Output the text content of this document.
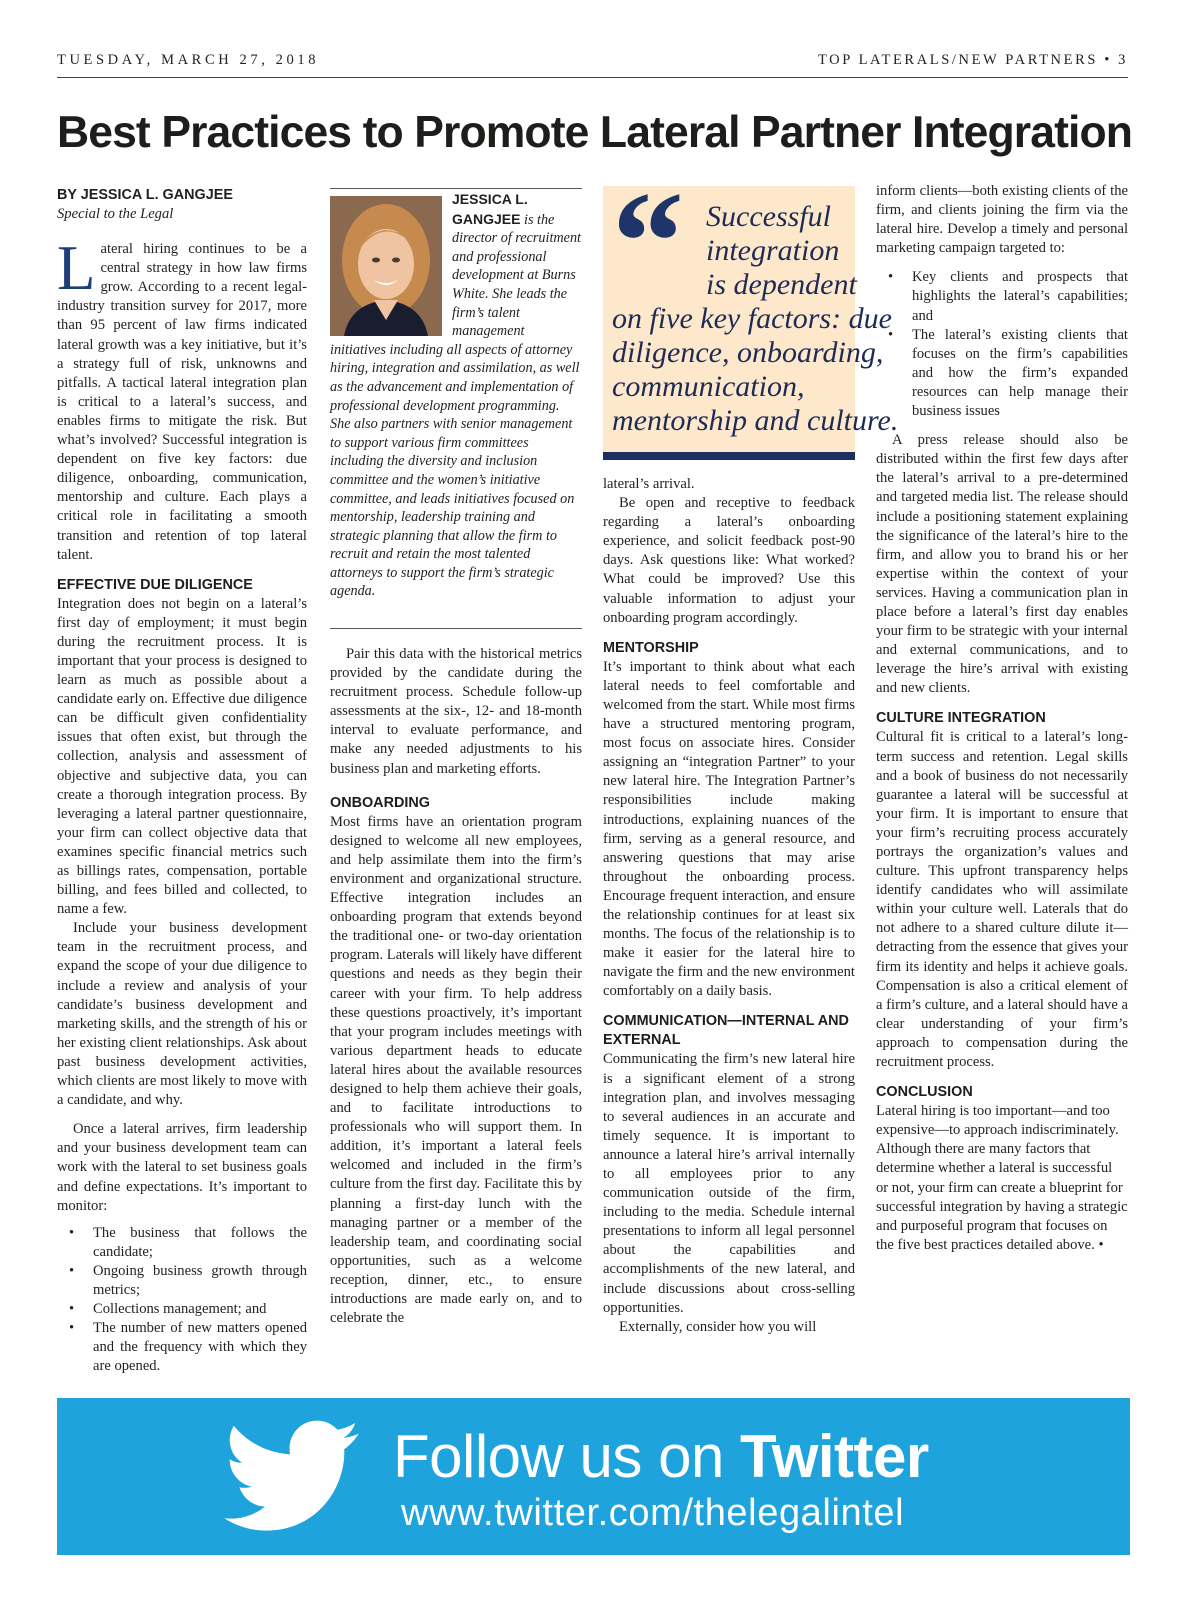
TUESDAY, MARCH 27, 2018	TOP LATERALS/NEW PARTNERS • 3
Best Practices to Promote Lateral Partner Integration

BY JESSICA L. GANGJEE

Special to the Legal

Lateral hiring continues to be a central strategy in how law firms grow. According to a recent legal-industry transition survey for 2017, more than 95 percent of law firms indicated lateral growth was a key initiative, but it’s a strategy full of risk, unknowns and pitfalls. A tactical lateral integration plan is critical to a lateral’s success, and enables firms to mitigate the risk. But what’s involved? Successful integration is dependent on five key factors: due diligence, onboarding, communication, mentorship and culture. Each plays a critical role in facilitating a smooth transition and retention of top lateral talent.

EFFECTIVE DUE DILIGENCE

Integration does not begin on a lateral’s first day of employment; it must begin during the recruitment process. It is important that your process is designed to learn as much as possible about a candidate early on. Effective due diligence can be difficult given confidentiality issues that often exist, but through the collection, analysis and assessment of objective and subjective data, you can create a thorough integration process. By leveraging a lateral partner questionnaire, your firm can collect objective data that examines specific financial metrics such as billings rates, compensation, portable billing, and fees billed and collected, to name a few.

Include your business development team in the recruitment process, and expand the scope of your due diligence to include a review and analysis of your candidate’s business development and marketing skills, and the strength of his or her existing client relationships. Ask about past business development activities, which clients are most likely to move with a candidate, and why.

Once a lateral arrives, firm leadership and your business development team can work with the lateral to set business goals and define expectations. It’s important to monitor:

• The business that follows the candidate;
• Ongoing business growth through metrics;
• Collections management; and
• The number of new matters opened and the frequency with which they are opened.
JESSICA L. GANGJEE is the director of recruitment and professional development at Burns White. She leads the firm’s talent management initiatives including all aspects of attorney hiring, integration and assimilation, as well as the advancement and implementation of professional development programming. She also partners with senior management to support various firm committees including the diversity and inclusion committee and the women’s initiative committee, and leads initiatives focused on mentorship, leadership training and strategic planning that allow the firm to recruit and retain the most talented attorneys to support the firm’s strategic agenda.

Pair this data with the historical metrics provided by the candidate during the recruitment process. Schedule follow-up assessments at the six-, 12- and 18-month interval to evaluate performance, and make any needed adjustments to his business plan and marketing efforts.

ONBOARDING

Most firms have an orientation program designed to welcome all new employees, and help assimilate them into the firm’s environment and organizational structure. Effective integration includes an onboarding program that extends beyond the traditional one- or two-day orientation program. Laterals will likely have different questions and needs as they begin their career with your firm. To help address these questions proactively, it’s important that your program includes meetings with various department heads to educate lateral hires about the available resources designed to help them achieve their goals, and to facilitate introductions to professionals who will support them. In addition, it’s important a lateral feels welcomed and included in the firm’s culture from the first day. Facilitate this by planning a first-day lunch with the managing partner or a member of the leadership team, and coordinating social opportunities, such as a welcome reception, dinner, etc., to ensure introductions are made early on, and to celebrate the

“ Successful
integration
is dependent
on five key factors: due
diligence, onboarding,
communication,
mentorship and culture.

lateral’s arrival.

Be open and receptive to feedback regarding a lateral’s onboarding experience, and solicit feedback post-90 days. Ask questions like: What worked? What could be improved? Use this valuable information to adjust your onboarding program accordingly.

MENTORSHIP

It’s important to think about what each lateral needs to feel comfortable and welcomed from the start. While most firms have a structured mentoring program, most focus on associate hires. Consider assigning an “integration Partner” to your new lateral hire. The Integration Partner’s responsibilities include making introductions, explaining nuances of the firm, serving as a general resource, and answering questions that may arise throughout the onboarding process. Encourage frequent interaction, and ensure the relationship continues for at least six months. The focus of the relationship is to make it easier for the lateral hire to navigate the firm and the new environment comfortably on a daily basis.

COMMUNICATION—INTERNAL AND EXTERNAL

Communicating the firm’s new lateral hire is a significant element of a strong integration plan, and involves messaging to several audiences in an accurate and timely sequence. It is important to announce a lateral hire’s arrival internally to all employees prior to any communication outside of the firm, including to the media. Schedule internal presentations to inform all legal personnel about the capabilities and accomplishments of the new lateral, and include discussions about cross-selling opportunities.

Externally, consider how you will

inform clients—both existing clients of the firm, and clients joining the firm via the lateral hire. Develop a timely and personal marketing campaign targeted to:

• Key clients and prospects that highlights the lateral’s capabilities; and
• The lateral’s existing clients that focuses on the firm’s capabilities and how the firm’s expanded resources can help manage their business issues

A press release should also be distributed within the first few days after the lateral’s arrival to a pre-determined and targeted media list. The release should include a positioning statement explaining the significance of the lateral’s hire to the firm, and allow you to brand his or her expertise within the context of your services. Having a communication plan in place before a lateral’s first day enables your firm to be strategic with your internal and external communications, and to leverage the hire’s arrival with existing and new clients.

CULTURE INTEGRATION

Cultural fit is critical to a lateral’s long-term success and retention. Legal skills and a book of business do not necessarily guarantee a lateral will be successful at your firm. It is important to ensure that your firm’s recruiting process accurately portrays the organization’s values and culture. This upfront transparency helps identify candidates who will assimilate within your culture well. Laterals that do not adhere to a shared culture dilute it—detracting from the essence that gives your firm its identity and helps it achieve goals. Compensation is also a critical element of a firm’s culture, and a lateral should have a clear understanding of your firm’s approach to compensation during the recruitment process.

CONCLUSION

Lateral hiring is too important—and too expensive—to approach indiscriminately. Although there are many factors that determine whether a lateral is successful or not, your firm can create a blueprint for successful integration by having a strategic and purposeful program that focuses on the five best practices detailed above. •

Follow us on Twitter
www.twitter.com/thelegalintel
